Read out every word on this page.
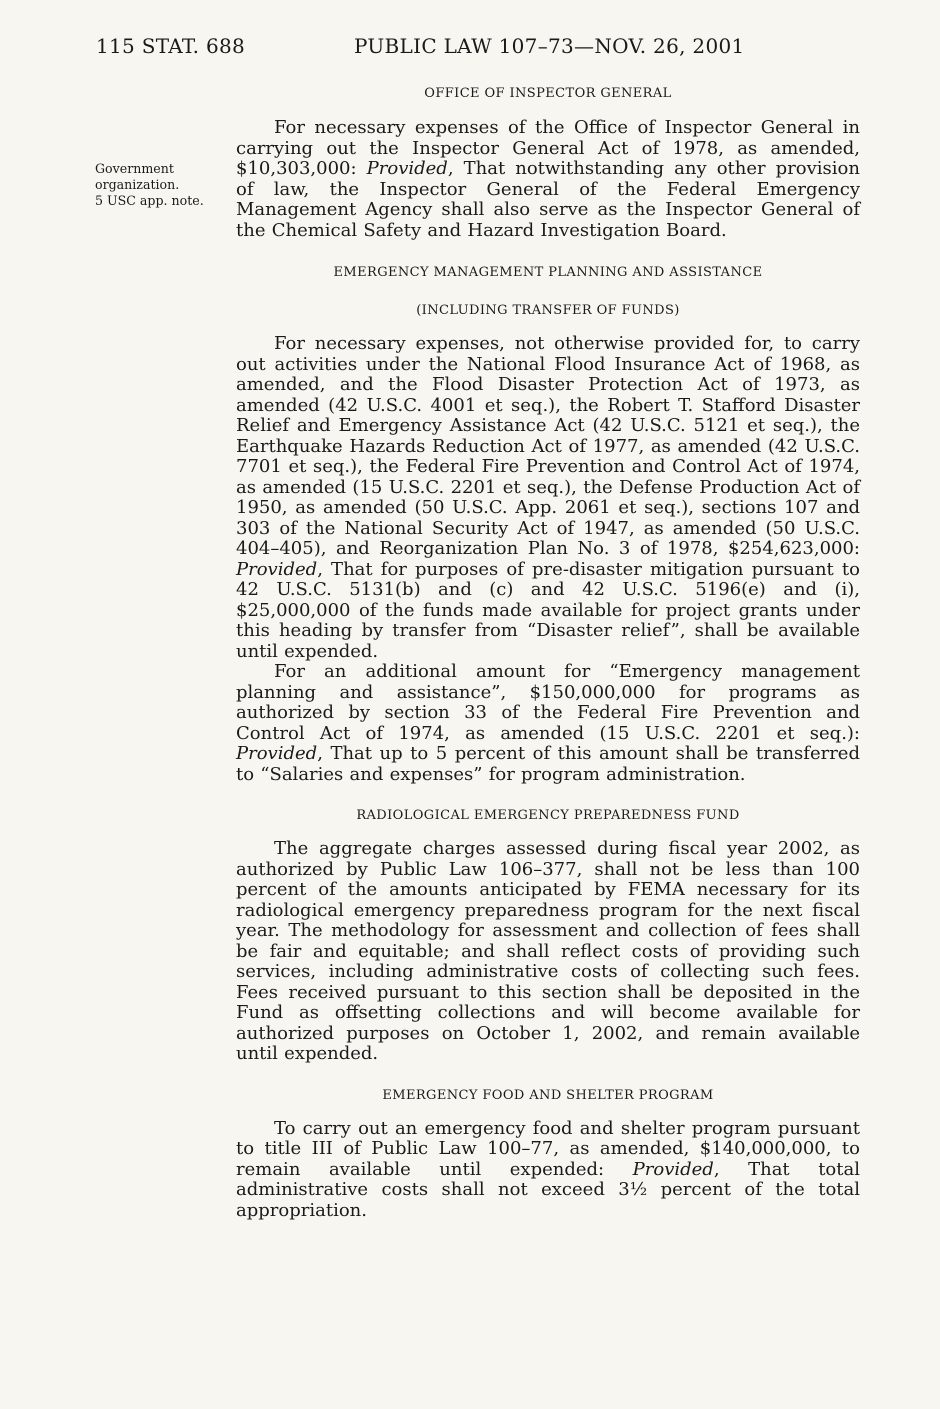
115 STAT. 688	PUBLIC LAW 107–73—NOV. 26, 2001
Government
organization.
5 USC app. note.

OFFICE OF INSPECTOR GENERAL

For necessary expenses of the Office of Inspector General in carrying out the Inspector General Act of 1978, as amended, $10,303,000: Provided, That notwithstanding any other provision of law, the Inspector General of the Federal Emergency Management Agency shall also serve as the Inspector General of the Chemical Safety and Hazard Investigation Board.

EMERGENCY MANAGEMENT PLANNING AND ASSISTANCE

(INCLUDING TRANSFER OF FUNDS)

For necessary expenses, not otherwise provided for, to carry out activities under the National Flood Insurance Act of 1968, as amended, and the Flood Disaster Protection Act of 1973, as amended (42 U.S.C. 4001 et seq.), the Robert T. Stafford Disaster Relief and Emergency Assistance Act (42 U.S.C. 5121 et seq.), the Earthquake Hazards Reduction Act of 1977, as amended (42 U.S.C. 7701 et seq.), the Federal Fire Prevention and Control Act of 1974, as amended (15 U.S.C. 2201 et seq.), the Defense Production Act of 1950, as amended (50 U.S.C. App. 2061 et seq.), sections 107 and 303 of the National Security Act of 1947, as amended (50 U.S.C. 404–405), and Reorganization Plan No. 3 of 1978, $254,623,000: Provided, That for purposes of pre-disaster mitigation pursuant to 42 U.S.C. 5131(b) and (c) and 42 U.S.C. 5196(e) and (i), $25,000,000 of the funds made available for project grants under this heading by transfer from “Disaster relief”, shall be available until expended.

For an additional amount for “Emergency management planning and assistance”, $150,000,000 for programs as authorized by section 33 of the Federal Fire Prevention and Control Act of 1974, as amended (15 U.S.C. 2201 et seq.): Provided, That up to 5 percent of this amount shall be transferred to “Salaries and expenses” for program administration.

RADIOLOGICAL EMERGENCY PREPAREDNESS FUND

The aggregate charges assessed during fiscal year 2002, as authorized by Public Law 106–377, shall not be less than 100 percent of the amounts anticipated by FEMA necessary for its radiological emergency preparedness program for the next fiscal year. The methodology for assessment and collection of fees shall be fair and equitable; and shall reflect costs of providing such services, including administrative costs of collecting such fees. Fees received pursuant to this section shall be deposited in the Fund as offsetting collections and will become available for authorized purposes on October 1, 2002, and remain available until expended.

EMERGENCY FOOD AND SHELTER PROGRAM

To carry out an emergency food and shelter program pursuant to title III of Public Law 100–77, as amended, $140,000,000, to remain available until expended: Provided, That total administrative costs shall not exceed 3½ percent of the total appropriation.
